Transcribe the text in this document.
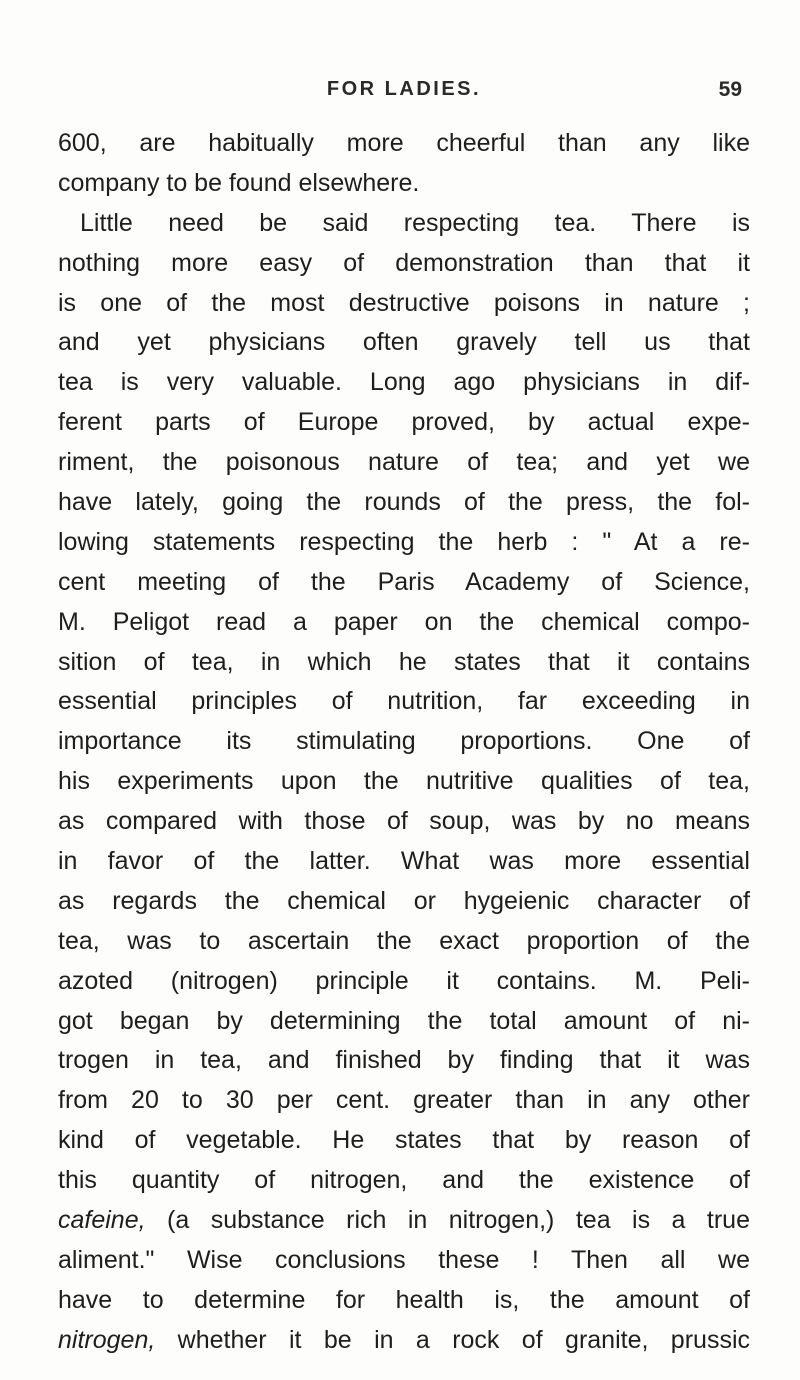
FOR LADIES.	59
600, are habitually more cheerful than any like
company to be found elsewhere.
Little need be said respecting tea. There is
nothing more easy of demonstration than that it
is one of the most destructive poisons in nature ;
and yet physicians often gravely tell us that
tea is very valuable. Long ago physicians in dif-
ferent parts of Europe proved, by actual expe-
riment, the poisonous nature of tea; and yet we
have lately, going the rounds of the press, the fol-
lowing statements respecting the herb : " At a re-
cent meeting of the Paris Academy of Science,
M. Peligot read a paper on the chemical compo-
sition of tea, in which he states that it contains
essential principles of nutrition, far exceeding in
importance its stimulating proportions. One of
his experiments upon the nutritive qualities of tea,
as compared with those of soup, was by no means
in favor of the latter. What was more essential
as regards the chemical or hygeienic character of
tea, was to ascertain the exact proportion of the
azoted (nitrogen) principle it contains. M. Peli-
got began by determining the total amount of ni-
trogen in tea, and finished by finding that it was
from 20 to 30 per cent. greater than in any other
kind of vegetable. He states that by reason of
this quantity of nitrogen, and the existence of
cafeine, (a substance rich in nitrogen,) tea is a true
aliment." Wise conclusions these ! Then all we
have to determine for health is, the amount of
nitrogen, whether it be in a rock of granite, prussic
